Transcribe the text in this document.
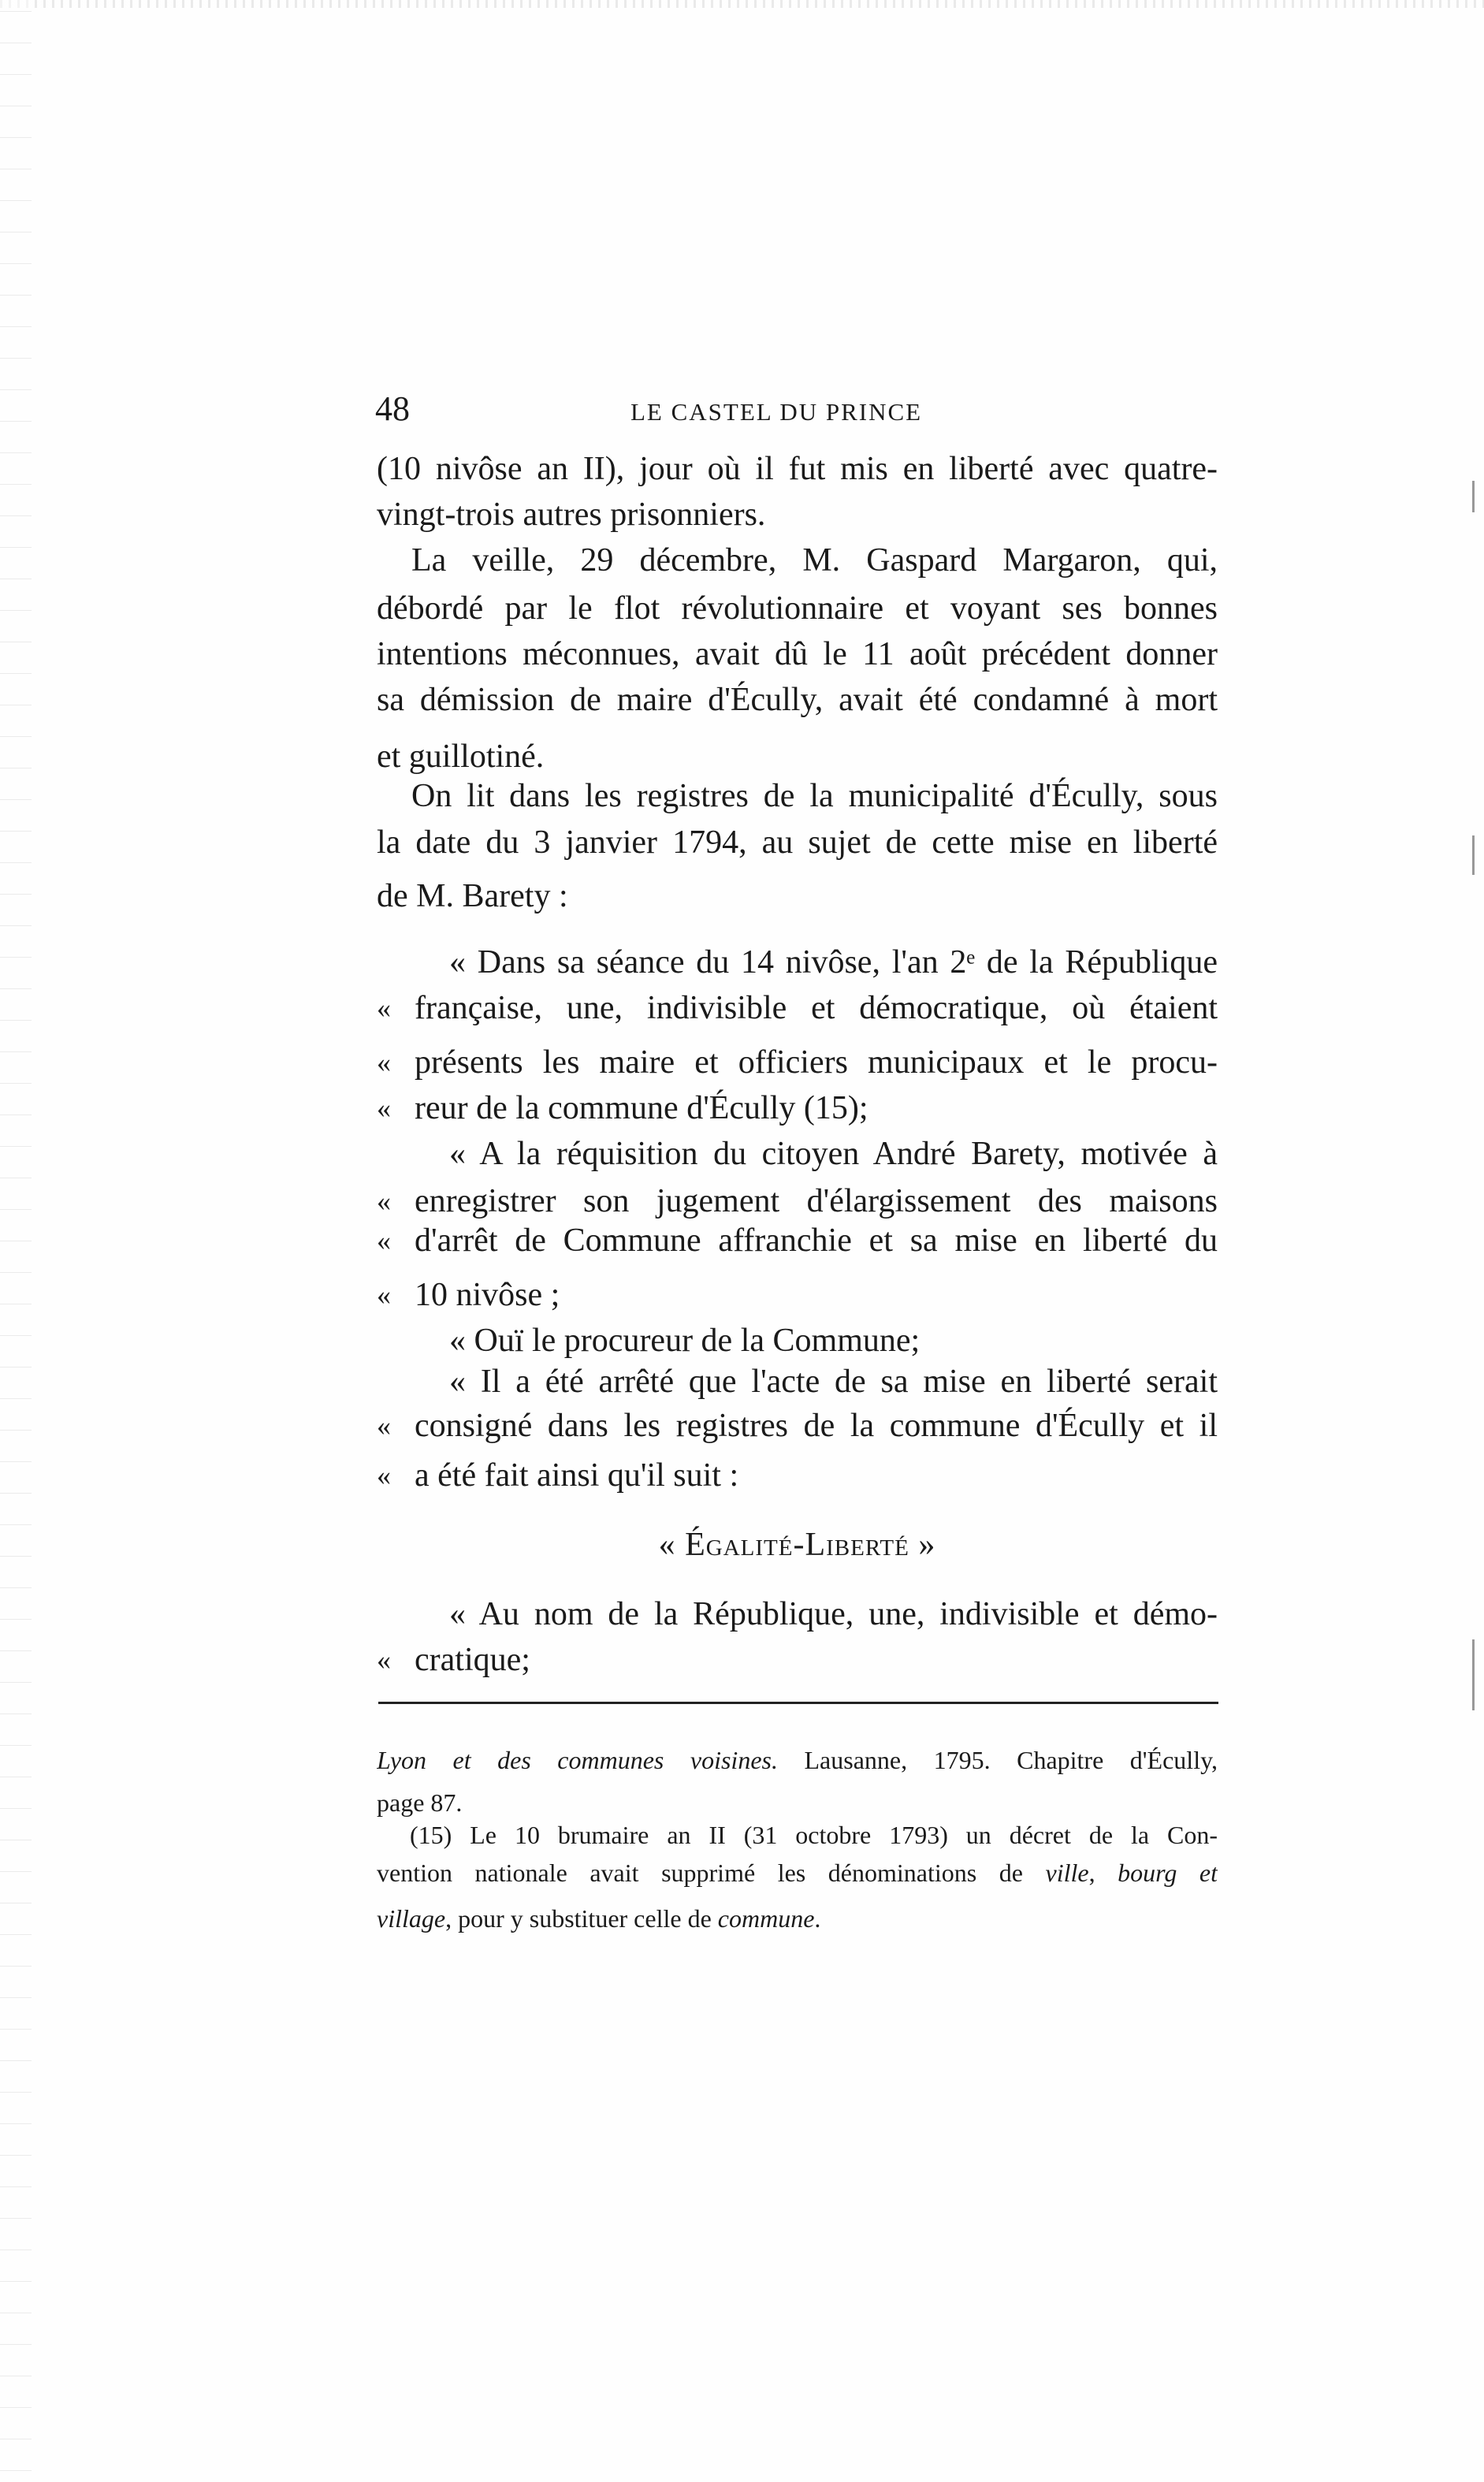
48	LE CASTEL DU PRINCE
(10 nivôse an II), jour où il fut mis en liberté avec quatre-
vingt-trois autres prisonniers.
La veille, 29 décembre, M. Gaspard Margaron, qui,
débordé par le flot révolutionnaire et voyant ses bonnes
intentions méconnues, avait dû le 11 août précédent donner
sa démission de maire d'Écully, avait été condamné à mort
et guillotiné.
On lit dans les registres de la municipalité d'Écully, sous
la date du 3 janvier 1794, au sujet de cette mise en liberté
de M. Barety :
« Dans sa séance du 14 nivôse, l'an 2ᵉ de la République
« française, une, indivisible et démocratique, où étaient
« présents les maire et officiers municipaux et le procu-
« reur de la commune d'Écully (15);
« A la réquisition du citoyen André Barety, motivée à
« enregistrer son jugement d'élargissement des maisons
« d'arrêt de Commune affranchie et sa mise en liberté du
« 10 nivôse ;
« Ouï le procureur de la Commune;
« Il a été arrêté que l'acte de sa mise en liberté serait
« consigné dans les registres de la commune d'Écully et il
« a été fait ainsi qu'il suit :
« Égalité-Liberté »
« Au nom de la République, une, indivisible et démo-
« cratique;
Lyon et des communes voisines. Lausanne, 1795. Chapitre d'Écully,
page 87.
(15) Le 10 brumaire an II (31 octobre 1793) un décret de la Con-
vention nationale avait supprimé les dénominations de ville, bourg et
village, pour y substituer celle de commune.
